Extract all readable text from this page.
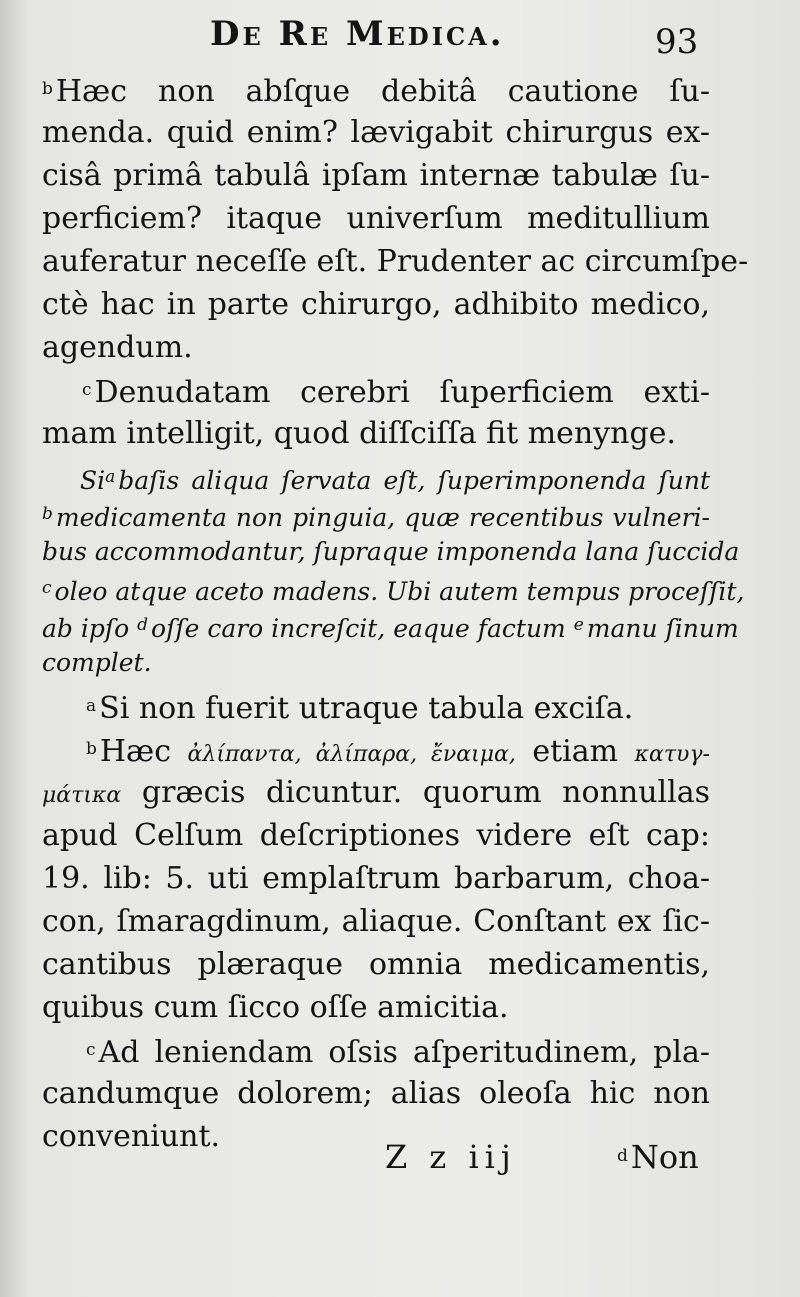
De Re Medica.	93
$^b$ Hæc non abſque debitâ cautione ſu-
menda. quid enim? lævigabit chirurgus ex-
cisâ primâ tabulâ ipſam internæ tabulæ ſu-
perficiem? itaque univerſum meditullium
auferatur neceſſe eſt. Prudenter ac circumſpe-
ctè hac in parte chirurgo, adhibito medico,
agendum.
$^c$ Denudatam cerebri ſuperficiem exti-
mam intelligit, quod diſſciſſa fit menynge.
Si$^a$ baſis aliqua ſervata eſt, ſuperimponenda ſunt
$^b$ medicamenta non pinguia, quæ recentibus vulneri-
bus accommodantur, ſupraque imponenda lana ſuccida
$^c$ oleo atque aceto madens. Ubi autem tempus proceſſit,
ab ipſo $^d$ oſſe caro increſcit, eaque factum $^e$ manu ſinum
complet.
$^a$ Si non fuerit utraque tabula exciſa.
$^b$ Hæc ἀλίπαντα, ἀλίπαρα, ἔναιμα, etiam κατυγ-
μάτικα græcis dicuntur. quorum nonnullas
apud Celſum deſcriptiones videre eſt cap:
19. lib: 5. uti emplaſtrum barbarum, choa-
con, ſmaragdinum, aliaque. Conſtant ex ſic-
cantibus plæraque omnia medicamentis,
quibus cum ſicco oſſe amicitia.
$^c$ Ad leniendam oſsis aſperitudinem, pla-
candumque dolorem; alias oleoſa hic non
conveniunt.
Z z iij	$^d$Non
